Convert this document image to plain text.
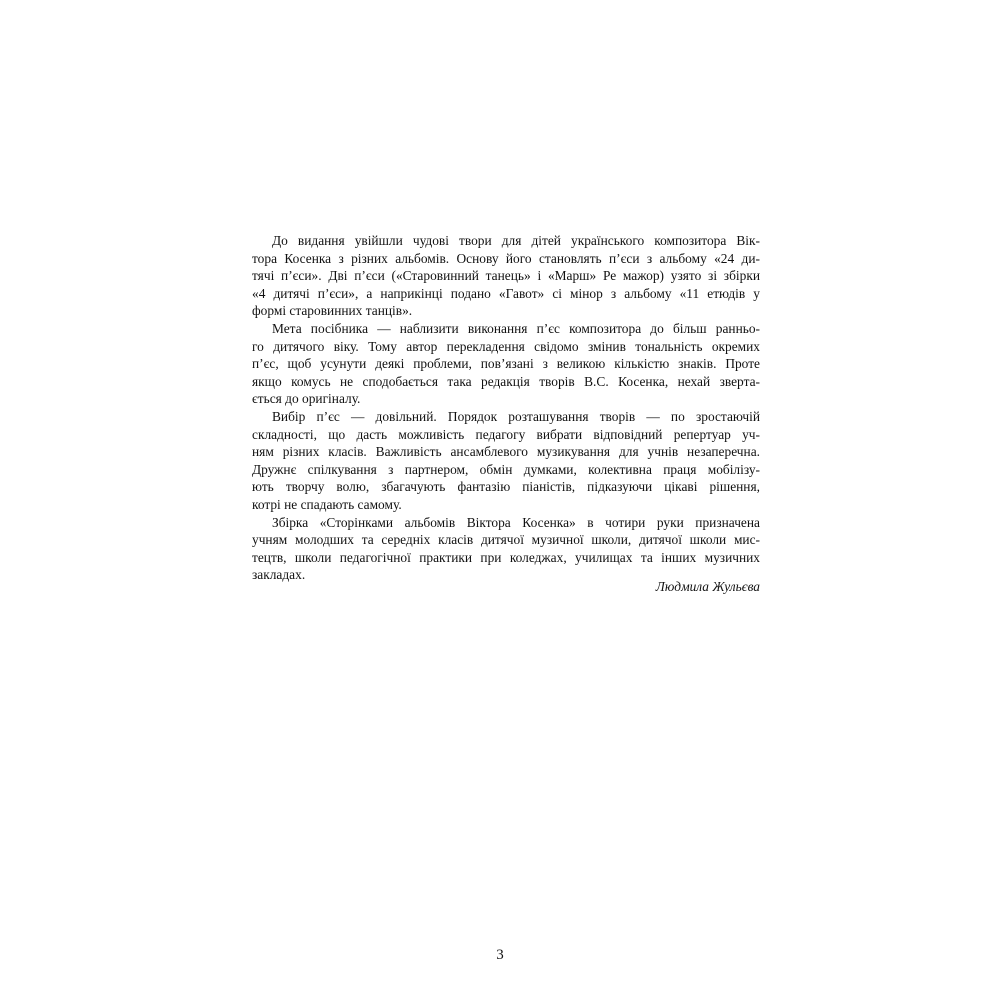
До видання увійшли чудові твори для дітей українського композитора Вік-
тора Косенка з різних альбомів. Основу його становлять п’єси з альбому «24 ди-
тячі п’єси». Дві п’єси («Старовинний танець» і «Марш» Ре мажор) узято зі збірки
«4 дитячі п’єси», а наприкінці подано «Гавот» сі мінор з альбому «11 етюдів у
формі старовинних танців».
Мета посібника — наблизити виконання п’єс композитора до більш ранньо-
го дитячого віку. Тому автор перекладення свідомо змінив тональність окремих
п’єс, щоб усунути деякі проблеми, пов’язані з великою кількістю знаків. Проте
якщо комусь не сподобається така редакція творів В.С. Косенка, нехай зверта-
ється до оригіналу.
Вибір п’єс — довільний. Порядок розташування творів — по зростаючій
складності, що дасть можливість педагогу вибрати відповідний репертуар уч-
ням різних класів. Важливість ансамблевого музикування для учнів незаперечна.
Дружнє спілкування з партнером, обмін думками, колективна праця мобілізу-
ють творчу волю, збагачують фантазію піаністів, підказуючи цікаві рішення,
котрі не спадають самому.
Збірка «Сторінками альбомів Віктора Косенка» в чотири руки призначена
учням молодших та середніх класів дитячої музичної школи, дитячої школи мис-
тецтв, школи педагогічної практики при коледжах, училищах та інших музичних
закладах.
Людмила Жульєва
3
